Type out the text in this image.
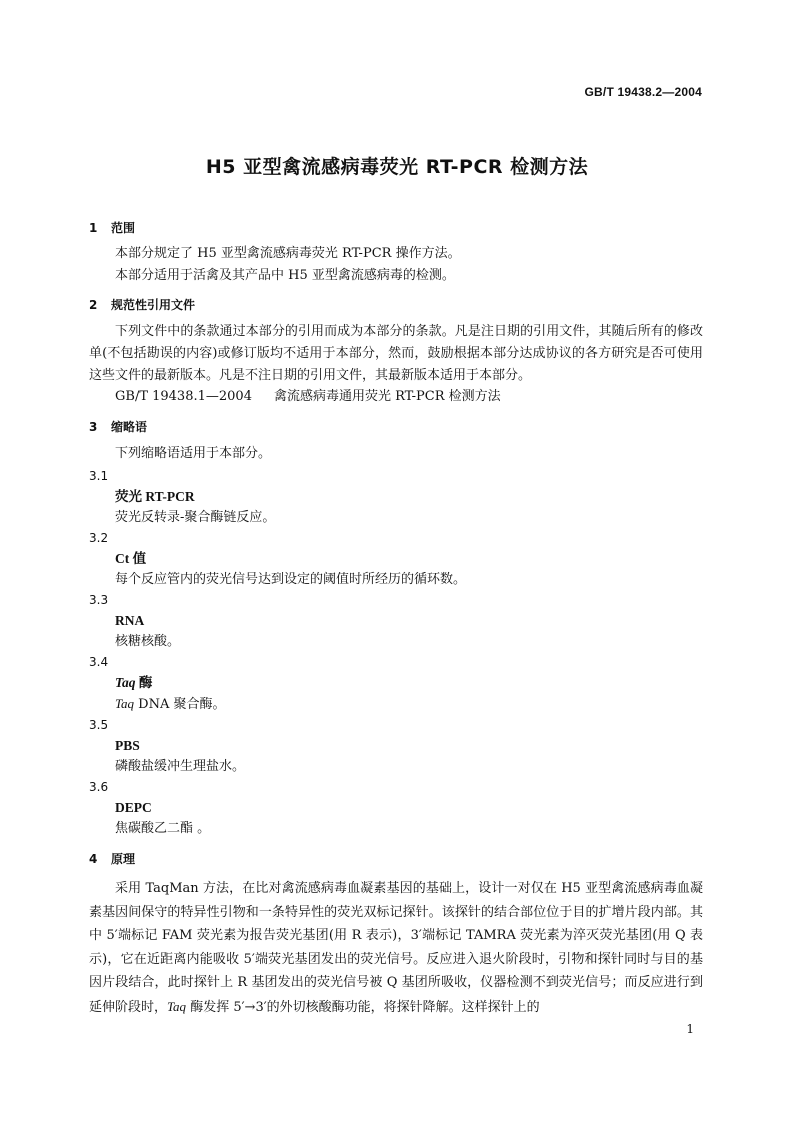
GB/T 19438.2—2004
H5 亚型禽流感病毒荧光 RT-PCR 检测方法
1 范围
本部分规定了 H5 亚型禽流感病毒荧光 RT-PCR 操作方法。
本部分适用于活禽及其产品中 H5 亚型禽流感病毒的检测。
2 规范性引用文件
下列文件中的条款通过本部分的引用而成为本部分的条款。凡是注日期的引用文件，其随后所有的修改单(不包括勘误的内容)或修订版均不适用于本部分，然而，鼓励根据本部分达成协议的各方研究是否可使用这些文件的最新版本。凡是不注日期的引用文件，其最新版本适用于本部分。
GB/T 19438.1—2004 禽流感病毒通用荧光 RT-PCR 检测方法
3 缩略语
下列缩略语适用于本部分。
3.1
荧光 RT-PCR
荧光反转录-聚合酶链反应。
3.2
Ct 值
每个反应管内的荧光信号达到设定的阈值时所经历的循环数。
3.3
RNA
核糖核酸。
3.4
Taq 酶
Taq DNA 聚合酶。
3.5
PBS
磷酸盐缓冲生理盐水。
3.6
DEPC
焦碳酸乙二酯 。
4 原理
采用 TaqMan 方法，在比对禽流感病毒血凝素基因的基础上，设计一对仅在 H5 亚型禽流感病毒血凝素基因间保守的特异性引物和一条特异性的荧光双标记探针。该探针的结合部位位于目的扩增片段内部。其中 5′端标记 FAM 荧光素为报告荧光基团(用 R 表示)，3′端标记 TAMRA 荧光素为淬灭荧光基团(用 Q 表示)，它在近距离内能吸收 5′端荧光基团发出的荧光信号。反应进入退火阶段时，引物和探针同时与目的基因片段结合，此时探针上 R 基团发出的荧光信号被 Q 基团所吸收，仪器检测不到荧光信号；而反应进行到延伸阶段时，Taq 酶发挥 5′→3′的外切核酸酶功能，将探针降解。这样探针上的
1
